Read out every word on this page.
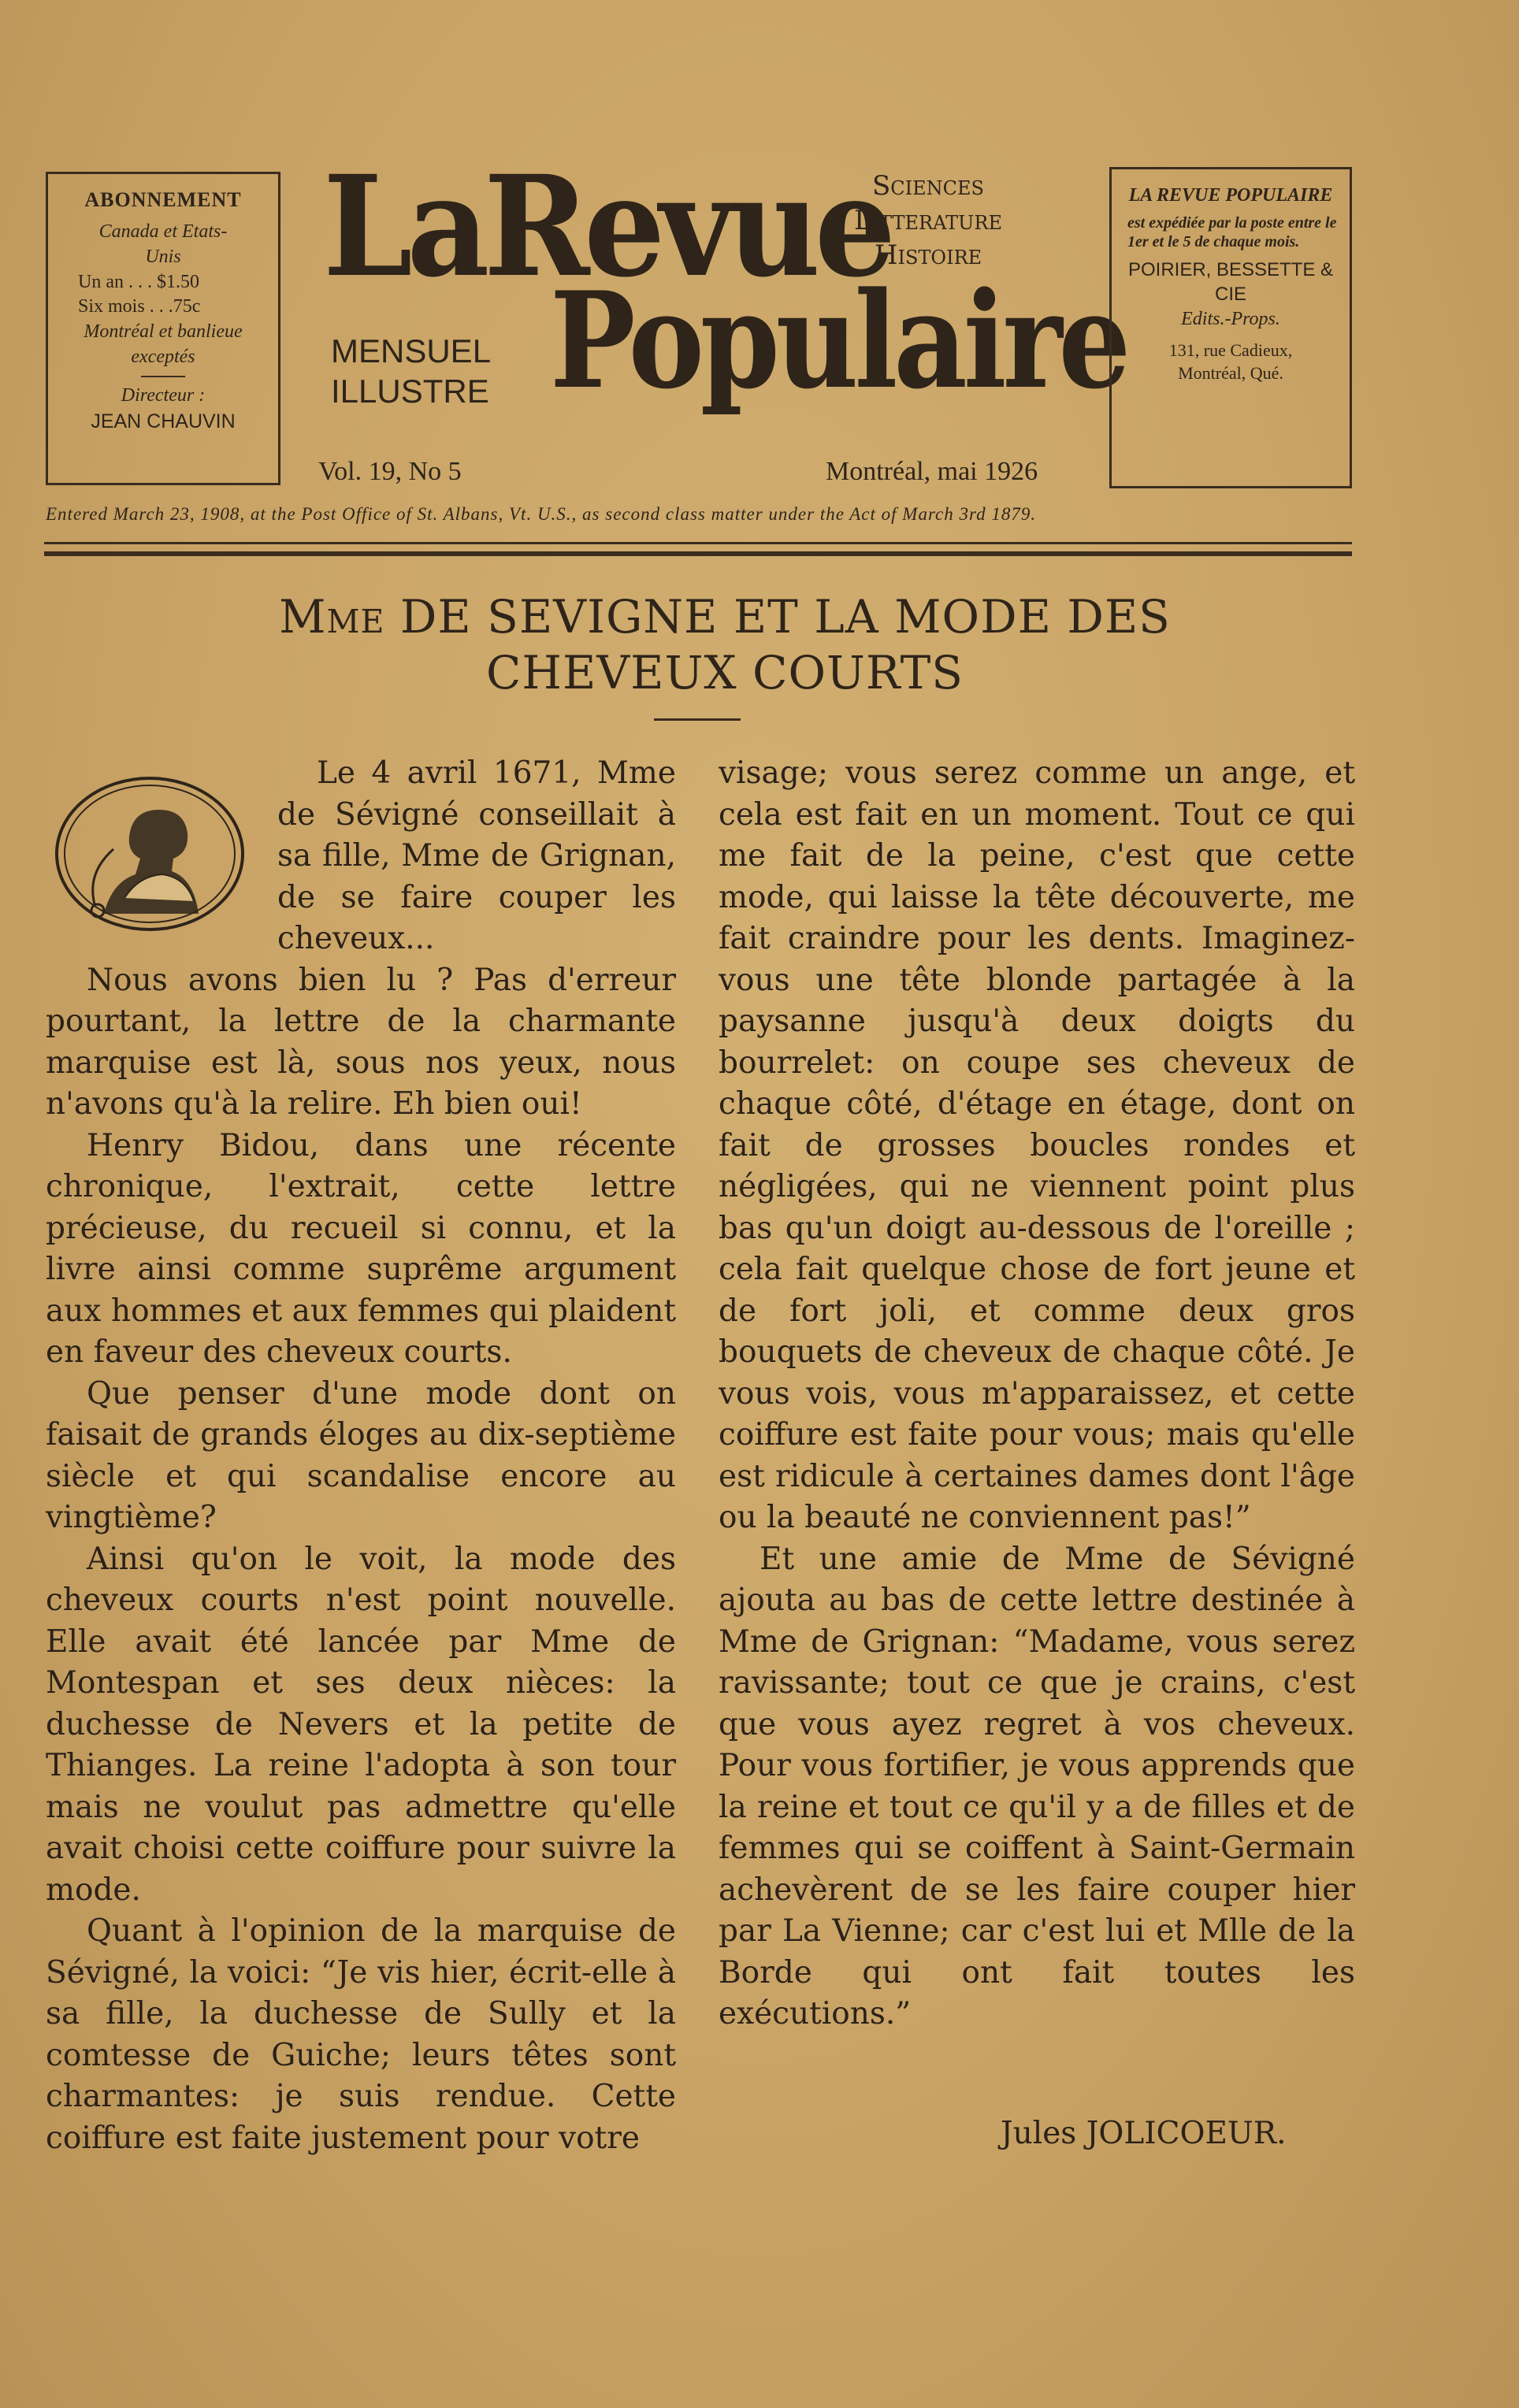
ABONNEMENT
Canada et Etats-Unis
Un an . . . $1.50
Six mois . . .75c
Montréal et banlieue exceptés
Directeur :
JEAN CHAUVIN
LaRevue
Populaire
MENSUEL
ILLUSTRE
Sciences
Litterature
Histoire
Vol. 19, No 5	Montréal, mai 1926
LA REVUE POPULAIRE
est expédiée par la poste entre le 1er et le 5 de chaque mois.
POIRIER, BESSETTE & CIE
Edits.-Props.
131, rue Cadieux,
Montréal, Qué.
Entered March 23, 1908, at the Post Office of St. Albans, Vt. U.S., as second class matter under the Act of March 3rd 1879.
Mme DE SEVIGNE ET LA MODE DES
CHEVEUX COURTS

Le 4 avril 1671, Mme de Sévigné conseillait à sa fille, Mme de Grignan, de se faire couper les cheveux...

Nous avons bien lu ? Pas d'erreur pourtant, la lettre de la charmante marquise est là, sous nos yeux, nous n'avons qu'à la relire. Eh bien oui!

Henry Bidou, dans une récente chronique, l'extrait, cette lettre précieuse, du recueil si connu, et la livre ainsi comme suprême argument aux hommes et aux femmes qui plaident en faveur des cheveux courts.

Que penser d'une mode dont on faisait de grands éloges au dix-septième siècle et qui scandalise encore au vingtième?

Ainsi qu'on le voit, la mode des cheveux courts n'est point nouvelle. Elle avait été lancée par Mme de Montespan et ses deux nièces: la duchesse de Nevers et la petite de Thianges. La reine l'adopta à son tour mais ne voulut pas admettre qu'elle avait choisi cette coiffure pour suivre la mode.

Quant à l'opinion de la marquise de Sévigné, la voici: “Je vis hier, écrit-elle à sa fille, la duchesse de Sully et la comtesse de Guiche; leurs têtes sont charmantes: je suis rendue. Cette coiffure est faite justement pour votre

visage; vous serez comme un ange, et cela est fait en un moment. Tout ce qui me fait de la peine, c'est que cette mode, qui laisse la tête découverte, me fait craindre pour les dents. Imaginez-vous une tête blonde partagée à la paysanne jusqu'à deux doigts du bourrelet: on coupe ses cheveux de chaque côté, d'étage en étage, dont on fait de grosses boucles rondes et négligées, qui ne viennent point plus bas qu'un doigt au-dessous de l'oreille ; cela fait quelque chose de fort jeune et de fort joli, et comme deux gros bouquets de cheveux de chaque côté. Je vous vois, vous m'apparaissez, et cette coiffure est faite pour vous; mais qu'elle est ridicule à certaines dames dont l'âge ou la beauté ne conviennent pas!”

Et une amie de Mme de Sévigné ajouta au bas de cette lettre destinée à Mme de Grignan: “Madame, vous serez ravissante; tout ce que je crains, c'est que vous ayez regret à vos cheveux. Pour vous fortifier, je vous apprends que la reine et tout ce qu'il y a de filles et de femmes qui se coiffent à Saint-Germain achevèrent de se les faire couper hier par La Vienne; car c'est lui et Mlle de la Borde qui ont fait toutes les exécutions.”

Jules JOLICOEUR.
